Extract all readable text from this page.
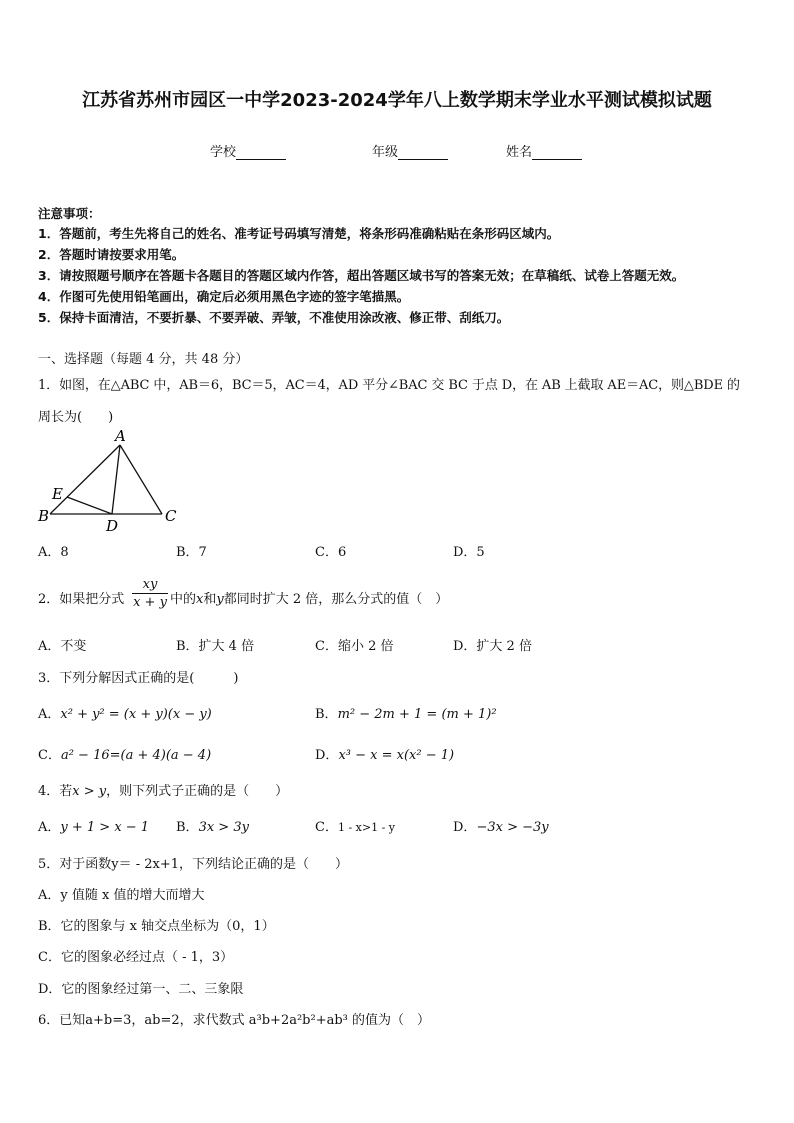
江苏省苏州市园区一中学2023-2024学年八上数学期末学业水平测试模拟试题
学校	年级	姓名
注意事项：
1．答题前，考生先将自己的姓名、准考证号码填写清楚，将条形码准确粘贴在条形码区域内。
2．答题时请按要求用笔。
3．请按照题号顺序在答题卡各题目的答题区域内作答，超出答题区域书写的答案无效；在草稿纸、试卷上答题无效。
4．作图可先使用铅笔画出，确定后必须用黑色字迹的签字笔描黑。
5．保持卡面清洁，不要折暴、不要弄破、弄皱，不准使用涂改液、修正带、刮纸刀。
一、选择题（每题 4 分，共 48 分）
1．如图，在△ABC 中，AB＝6，BC＝5，AC＝4，AD 平分∠BAC 交 BC 于点 D，在 AB 上截取 AE＝AC，则△BDE 的
周长为(　　)
A
B	C
D
E
A．8	B．7	C．6	D．5
2．如果把分式
xy
x + y 中的x和y都同时扩大 2 倍，那么分式的值（　）
A．不变	B．扩大 4 倍	C．缩小 2 倍	D．扩大 2 倍
3．下列分解因式正确的是(　　　)
A．x² + y² = (x + y)(x − y)	B．m² − 2m + 1 = (m + 1)²
C．a² − 16=(a + 4)(a − 4)	D．x³ − x = x(x² − 1)
4．若x > y，则下列式子正确的是（　　）
A．y + 1 > x − 1 B．3x > 3y	C．1 - x>1 - y	D．−3x > −3y
5．对于函数y＝ - 2x+1，下列结论正确的是（　　）
A．y 值随 x 值的增大而增大
B．它的图象与 x 轴交点坐标为（0，1）
C．它的图象必经过点（ - 1，3）
D．它的图象经过第一、二、三象限
6．已知a+b=3，ab=2，求代数式 a³b+2a²b²+ab³ 的值为（　）
